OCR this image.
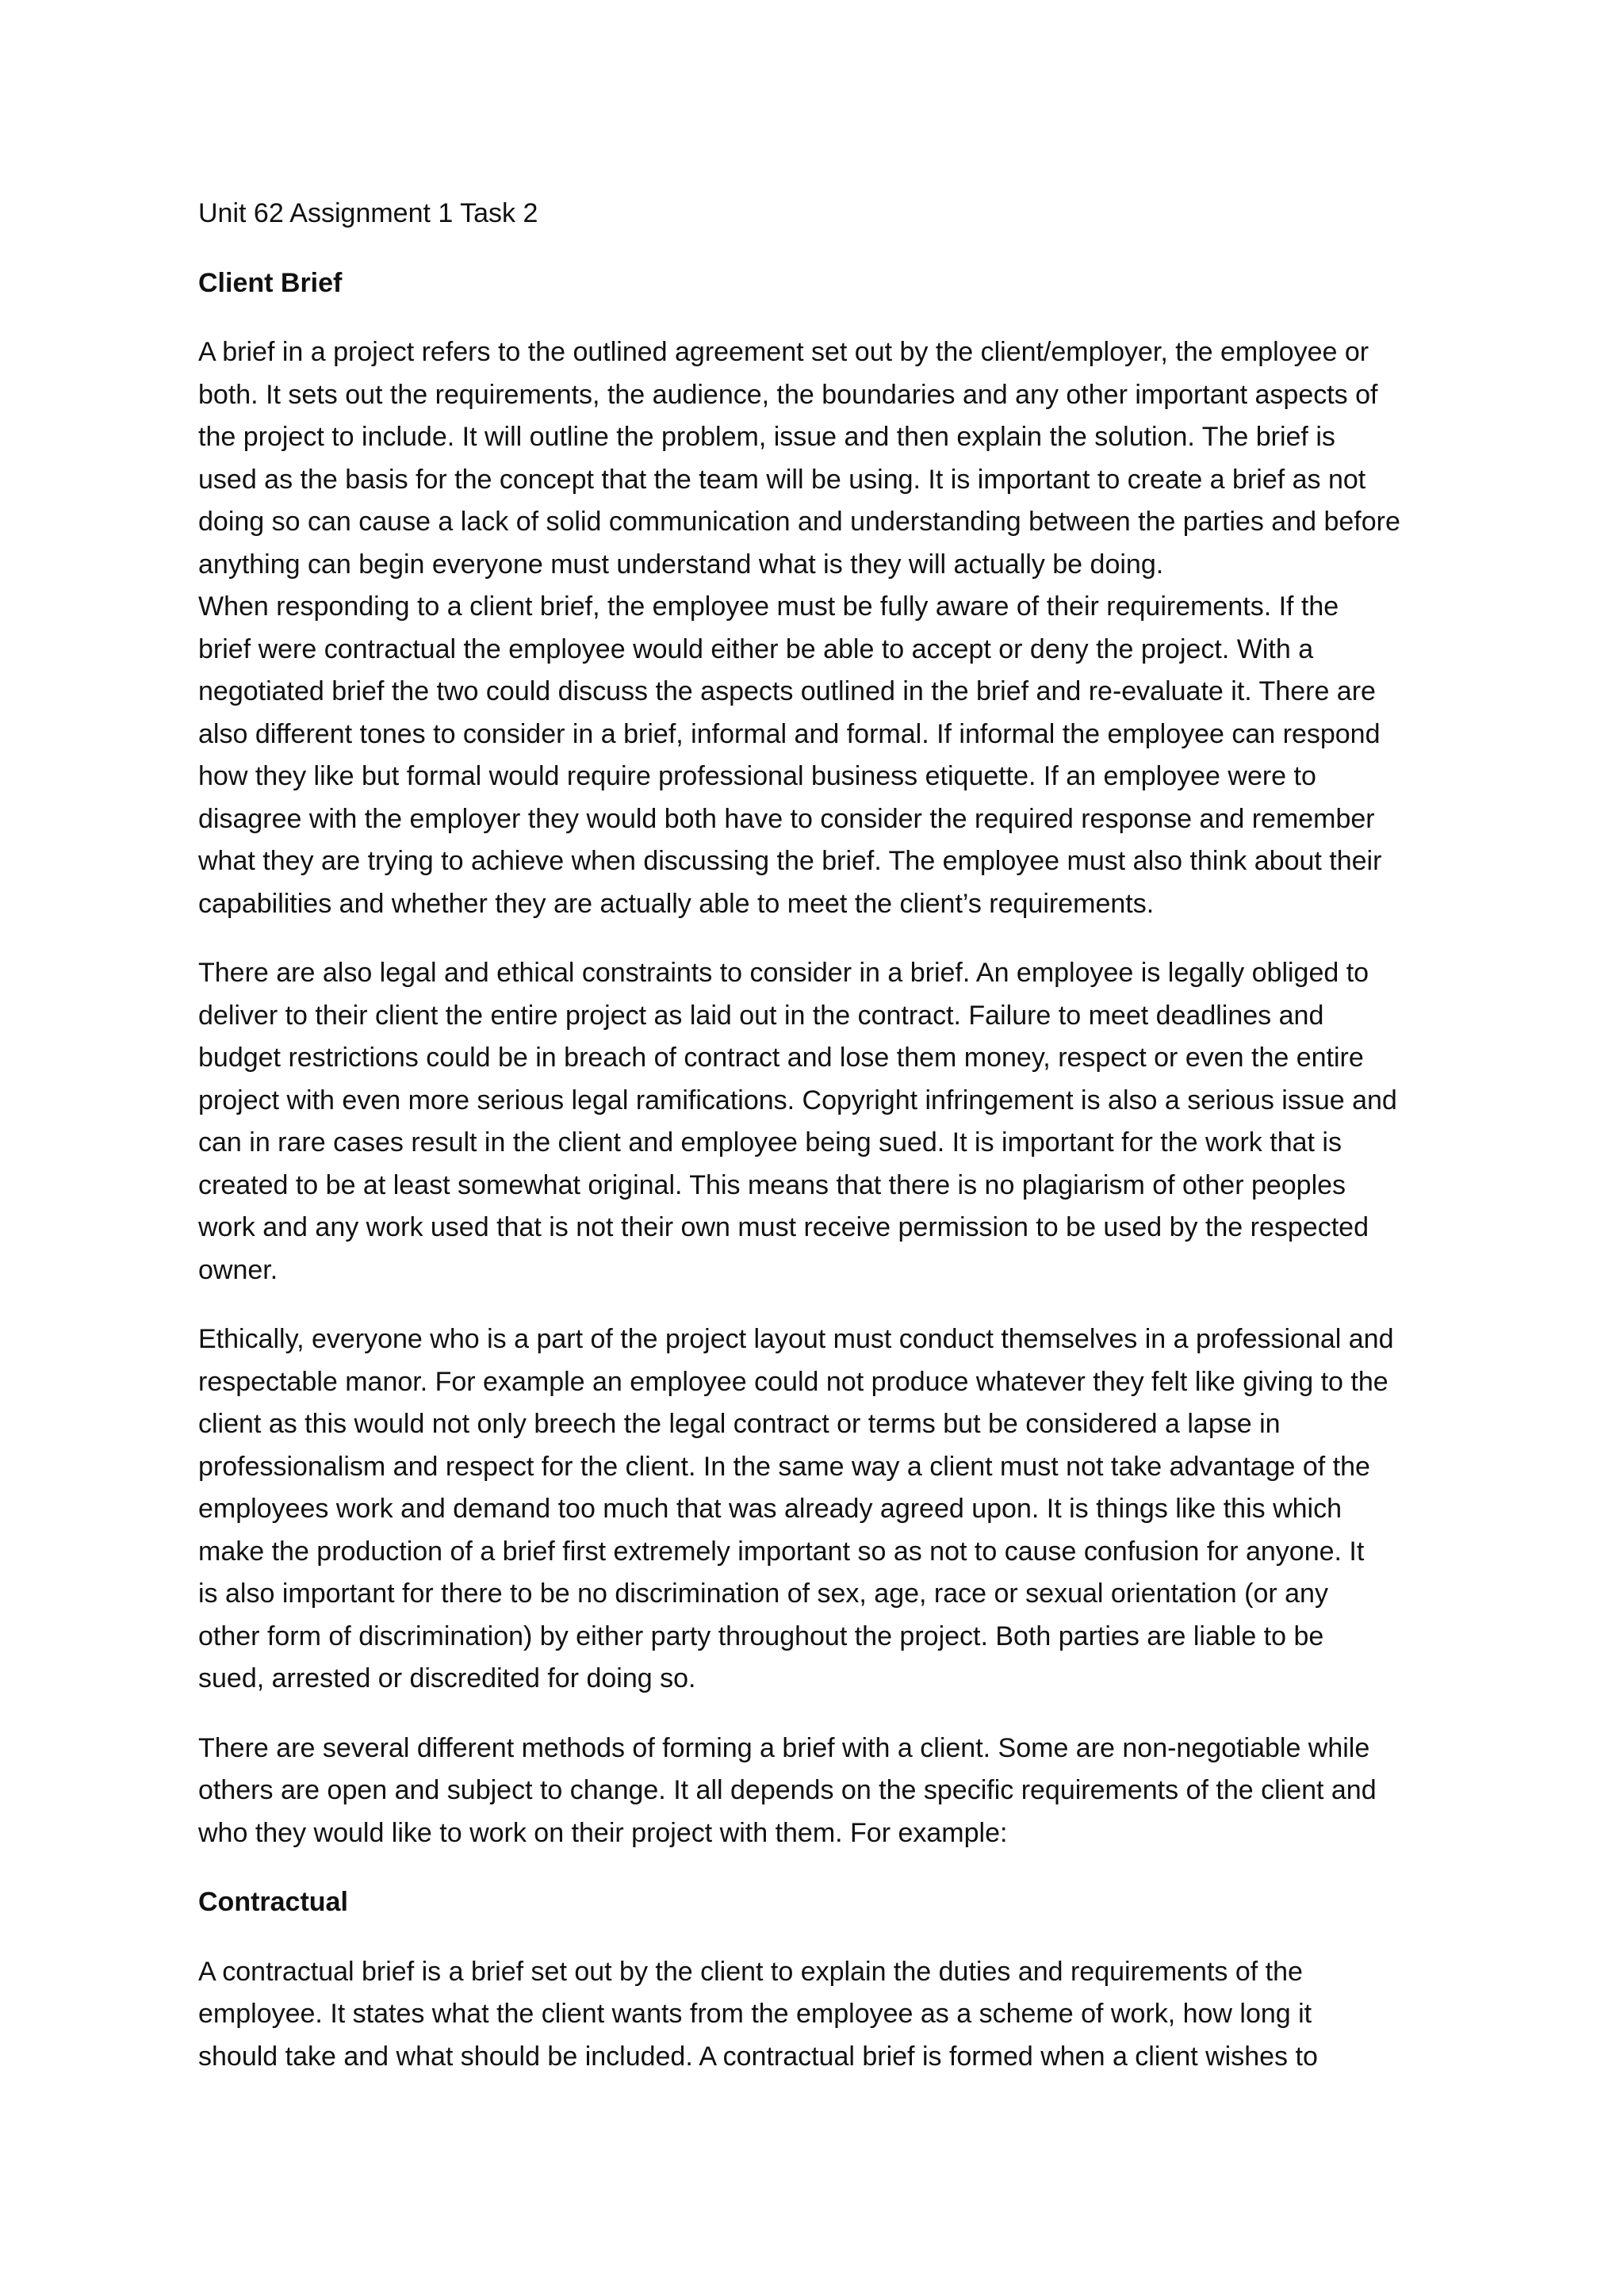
Unit 62 Assignment 1 Task 2
Client Brief
A brief in a project refers to the outlined agreement set out by the client/employer, the employee or
both. It sets out the requirements, the audience, the boundaries and any other important aspects of
the project to include. It will outline the problem, issue and then explain the solution. The brief is
used as the basis for the concept that the team will be using. It is important to create a brief as not
doing so can cause a lack of solid communication and understanding between the parties and before
anything can begin everyone must understand what is they will actually be doing.
When responding to a client brief, the employee must be fully aware of their requirements. If the
brief were contractual the employee would either be able to accept or deny the project. With a
negotiated brief the two could discuss the aspects outlined in the brief and re-evaluate it. There are
also different tones to consider in a brief, informal and formal. If informal the employee can respond
how they like but formal would require professional business etiquette. If an employee were to
disagree with the employer they would both have to consider the required response and remember
what they are trying to achieve when discussing the brief. The employee must also think about their
capabilities and whether they are actually able to meet the client’s requirements.
There are also legal and ethical constraints to consider in a brief. An employee is legally obliged to
deliver to their client the entire project as laid out in the contract. Failure to meet deadlines and
budget restrictions could be in breach of contract and lose them money, respect or even the entire
project with even more serious legal ramifications. Copyright infringement is also a serious issue and
can in rare cases result in the client and employee being sued. It is important for the work that is
created to be at least somewhat original. This means that there is no plagiarism of other peoples
work and any work used that is not their own must receive permission to be used by the respected
owner.
Ethically, everyone who is a part of the project layout must conduct themselves in a professional and
respectable manor. For example an employee could not produce whatever they felt like giving to the
client as this would not only breech the legal contract or terms but be considered a lapse in
professionalism and respect for the client. In the same way a client must not take advantage of the
employees work and demand too much that was already agreed upon. It is things like this which
make the production of a brief first extremely important so as not to cause confusion for anyone. It
is also important for there to be no discrimination of sex, age, race or sexual orientation (or any
other form of discrimination) by either party throughout the project. Both parties are liable to be
sued, arrested or discredited for doing so.
There are several different methods of forming a brief with a client. Some are non-negotiable while
others are open and subject to change. It all depends on the specific requirements of the client and
who they would like to work on their project with them. For example:
Contractual
A contractual brief is a brief set out by the client to explain the duties and requirements of the
employee. It states what the client wants from the employee as a scheme of work, how long it
should take and what should be included. A contractual brief is formed when a client wishes to
